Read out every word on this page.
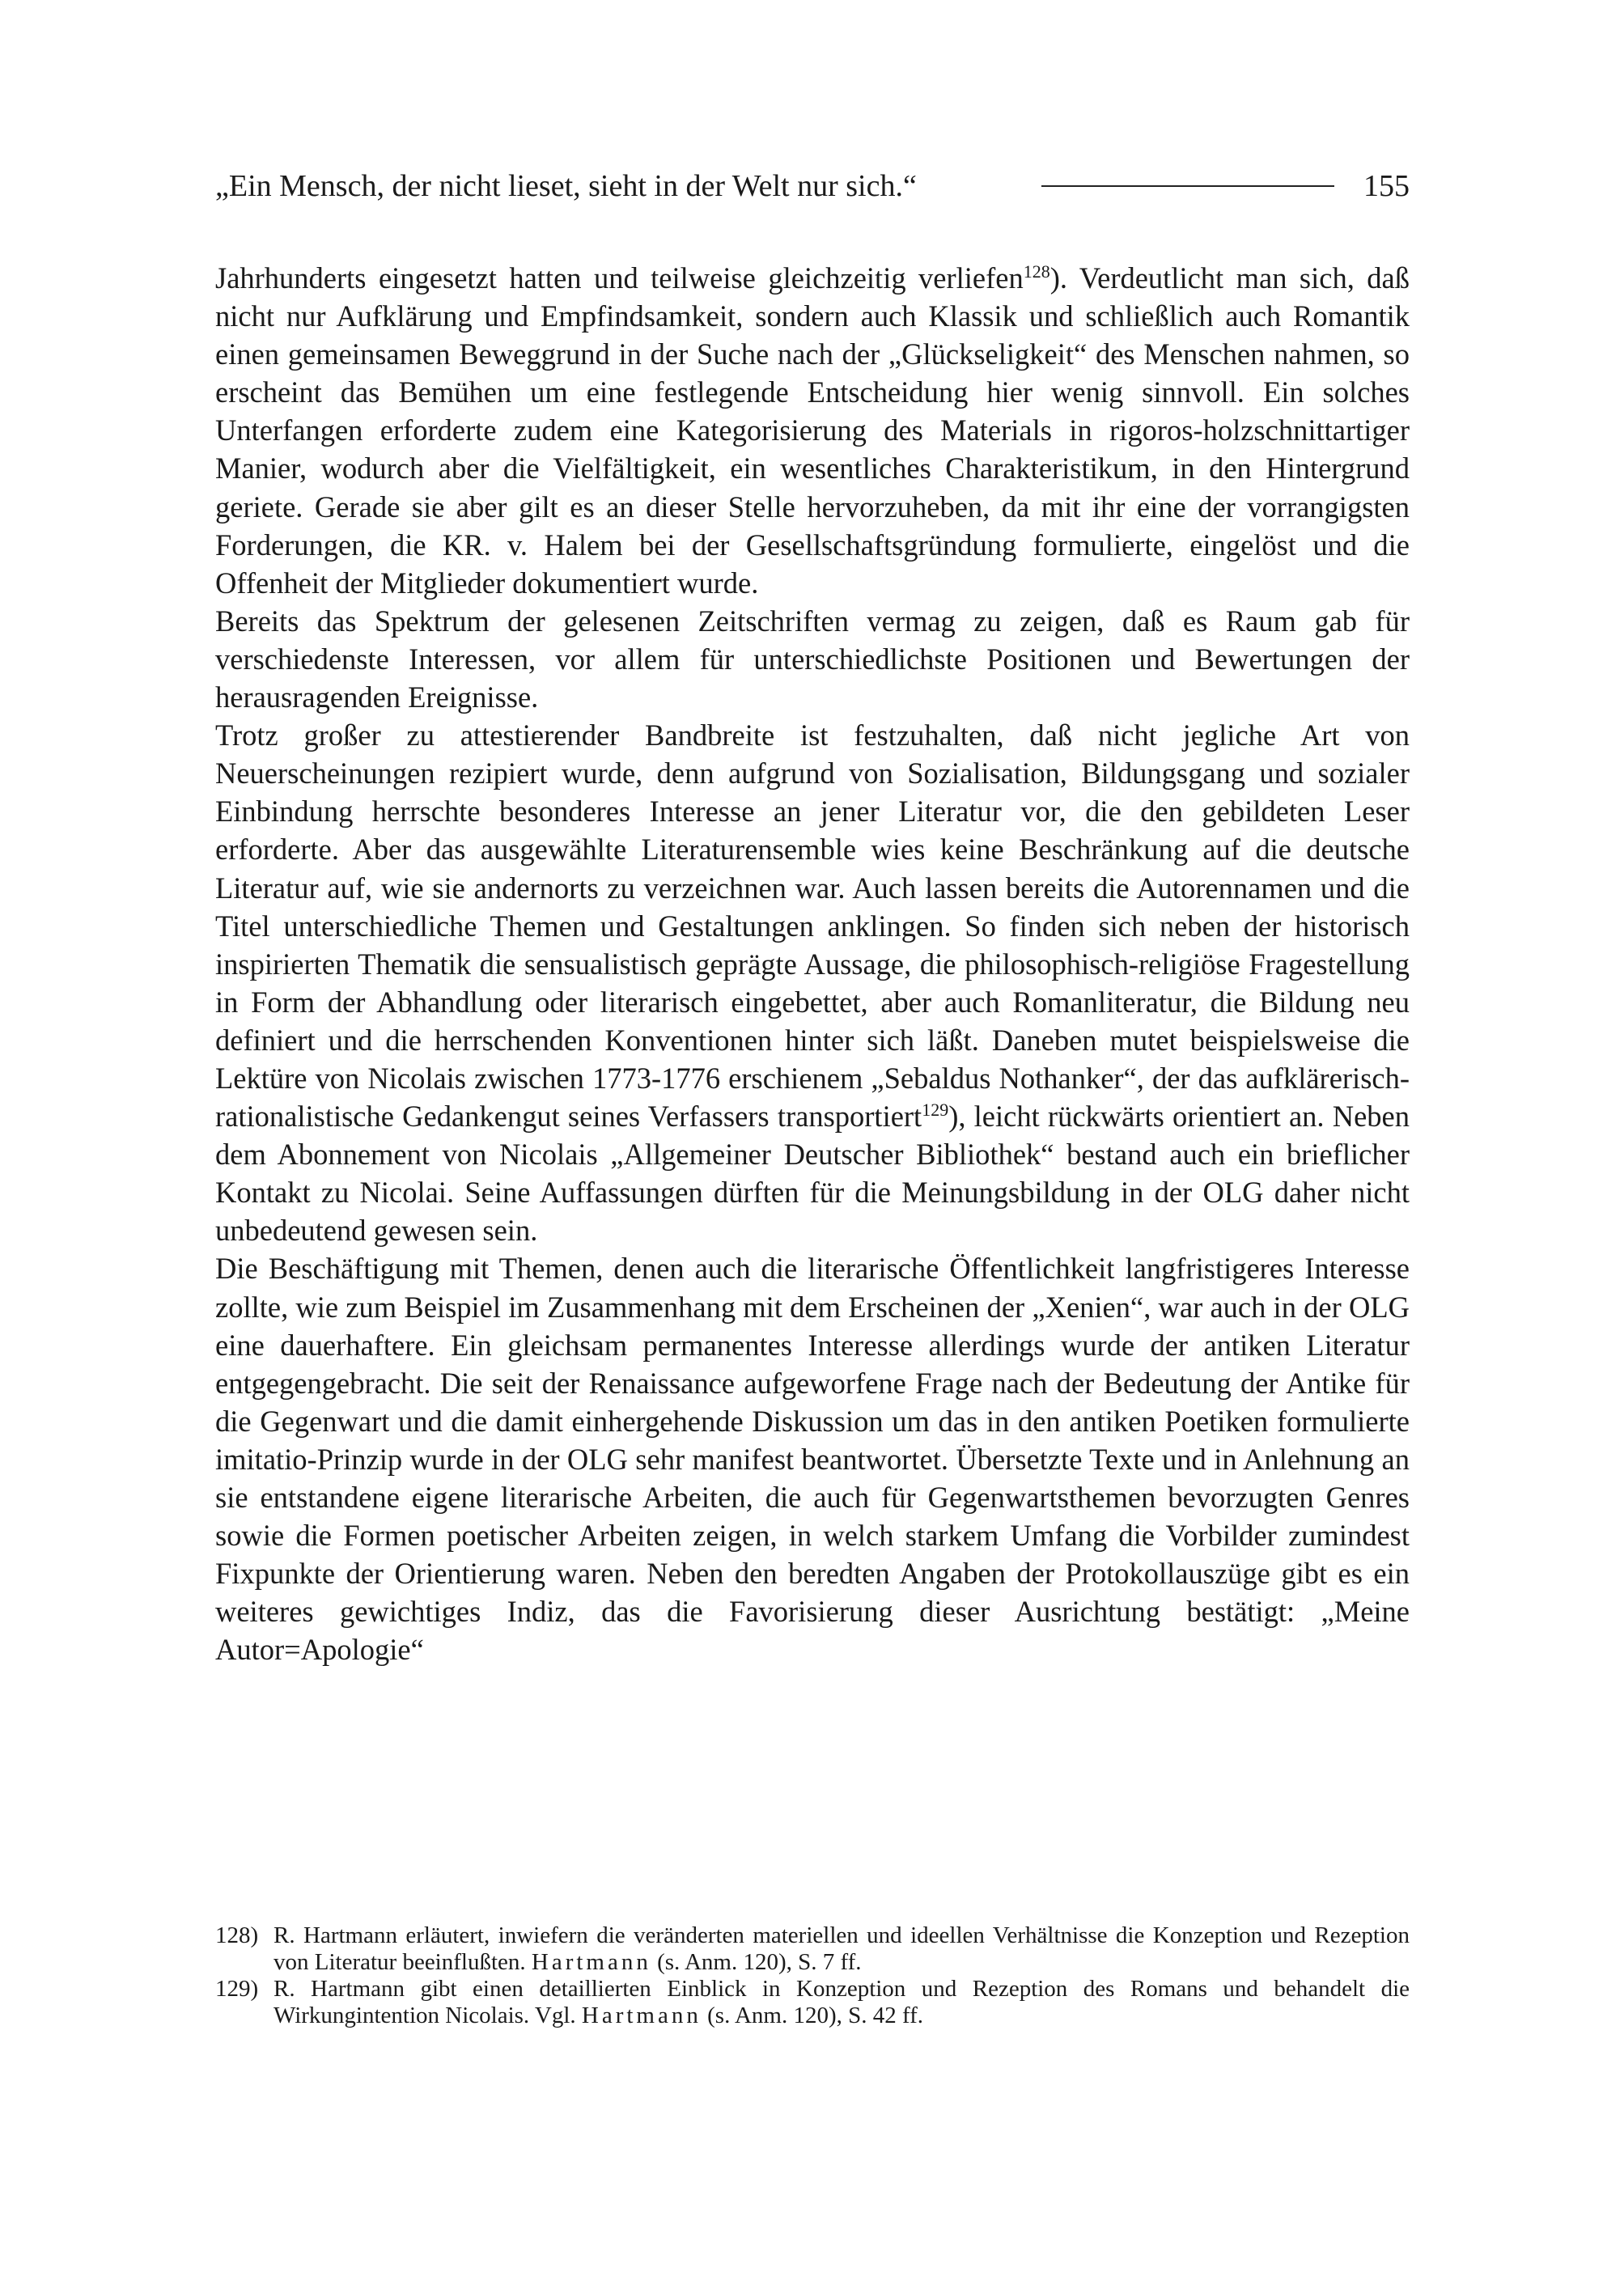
„Ein Mensch, der nicht lieset, sieht in der Welt nur sich.“	155

Jahrhunderts eingesetzt hatten und teilweise gleichzeitig verliefen$^{128}$). Verdeutlicht man sich, daß nicht nur Aufklärung und Empfindsamkeit, sondern auch Klassik und schließlich auch Romantik einen gemeinsamen Beweggrund in der Suche nach der „Glückseligkeit“ des Menschen nahmen, so erscheint das Bemühen um eine festlegende Entscheidung hier wenig sinnvoll. Ein solches Unterfangen erforderte zudem eine Kategorisierung des Materials in rigoros-holzschnittartiger Manier, wodurch aber die Vielfältigkeit, ein wesentliches Charakteristikum, in den Hintergrund geriete. Gerade sie aber gilt es an dieser Stelle hervorzuheben, da mit ihr eine der vorrangigsten Forderungen, die KR. v. Halem bei der Gesellschaftsgründung formulierte, eingelöst und die Offenheit der Mitglieder dokumentiert wurde.

Bereits das Spektrum der gelesenen Zeitschriften vermag zu zeigen, daß es Raum gab für verschiedenste Interessen, vor allem für unterschiedlichste Positionen und Bewertungen der herausragenden Ereignisse.

Trotz großer zu attestierender Bandbreite ist festzuhalten, daß nicht jegliche Art von Neuerscheinungen rezipiert wurde, denn aufgrund von Sozialisation, Bildungsgang und sozialer Einbindung herrschte besonderes Interesse an jener Literatur vor, die den gebildeten Leser erforderte. Aber das ausgewählte Literaturensemble wies keine Beschränkung auf die deutsche Literatur auf, wie sie andernorts zu verzeichnen war. Auch lassen bereits die Autorennamen und die Titel unterschiedliche Themen und Gestaltungen anklingen. So finden sich neben der historisch inspirierten Thematik die sensualistisch geprägte Aussage, die philosophisch-religiöse Fragestellung in Form der Abhandlung oder literarisch eingebettet, aber auch Romanliteratur, die Bildung neu definiert und die herrschenden Konventionen hinter sich läßt. Daneben mutet beispielsweise die Lektüre von Nicolais zwischen 1773-1776 erschienem „Sebaldus Nothanker“, der das aufklärerisch-rationalistische Gedankengut seines Verfassers transportiert$^{129}$), leicht rückwärts orientiert an. Neben dem Abonnement von Nicolais „Allgemeiner Deutscher Bibliothek“ bestand auch ein brieflicher Kontakt zu Nicolai. Seine Auffassungen dürften für die Meinungsbildung in der OLG daher nicht unbedeutend gewesen sein.

Die Beschäftigung mit Themen, denen auch die literarische Öffentlichkeit langfristigeres Interesse zollte, wie zum Beispiel im Zusammenhang mit dem Erscheinen der „Xenien“, war auch in der OLG eine dauerhaftere. Ein gleichsam permanentes Interesse allerdings wurde der antiken Literatur entgegengebracht. Die seit der Renaissance aufgeworfene Frage nach der Bedeutung der Antike für die Gegenwart und die damit einhergehende Diskussion um das in den antiken Poetiken formulierte imitatio-Prinzip wurde in der OLG sehr manifest beantwortet. Übersetzte Texte und in Anlehnung an sie entstandene eigene literarische Arbeiten, die auch für Gegenwartsthemen bevorzugten Genres sowie die Formen poetischer Arbeiten zeigen, in welch starkem Umfang die Vorbilder zumindest Fixpunkte der Orientierung waren. Neben den beredten Angaben der Protokollauszüge gibt es ein weiteres gewichtiges Indiz, das die Favorisierung dieser Ausrichtung bestätigt: „Meine Autor=Apologie“

128) R. Hartmann erläutert, inwiefern die veränderten materiellen und ideellen Verhältnisse die Konzeption und Rezeption von Literatur beeinflußten. Hartmann (s. Anm. 120), S. 7 ff.
129) R. Hartmann gibt einen detaillierten Einblick in Konzeption und Rezeption des Romans und behandelt die Wirkungintention Nicolais. Vgl. Hartmann (s. Anm. 120), S. 42 ff.
